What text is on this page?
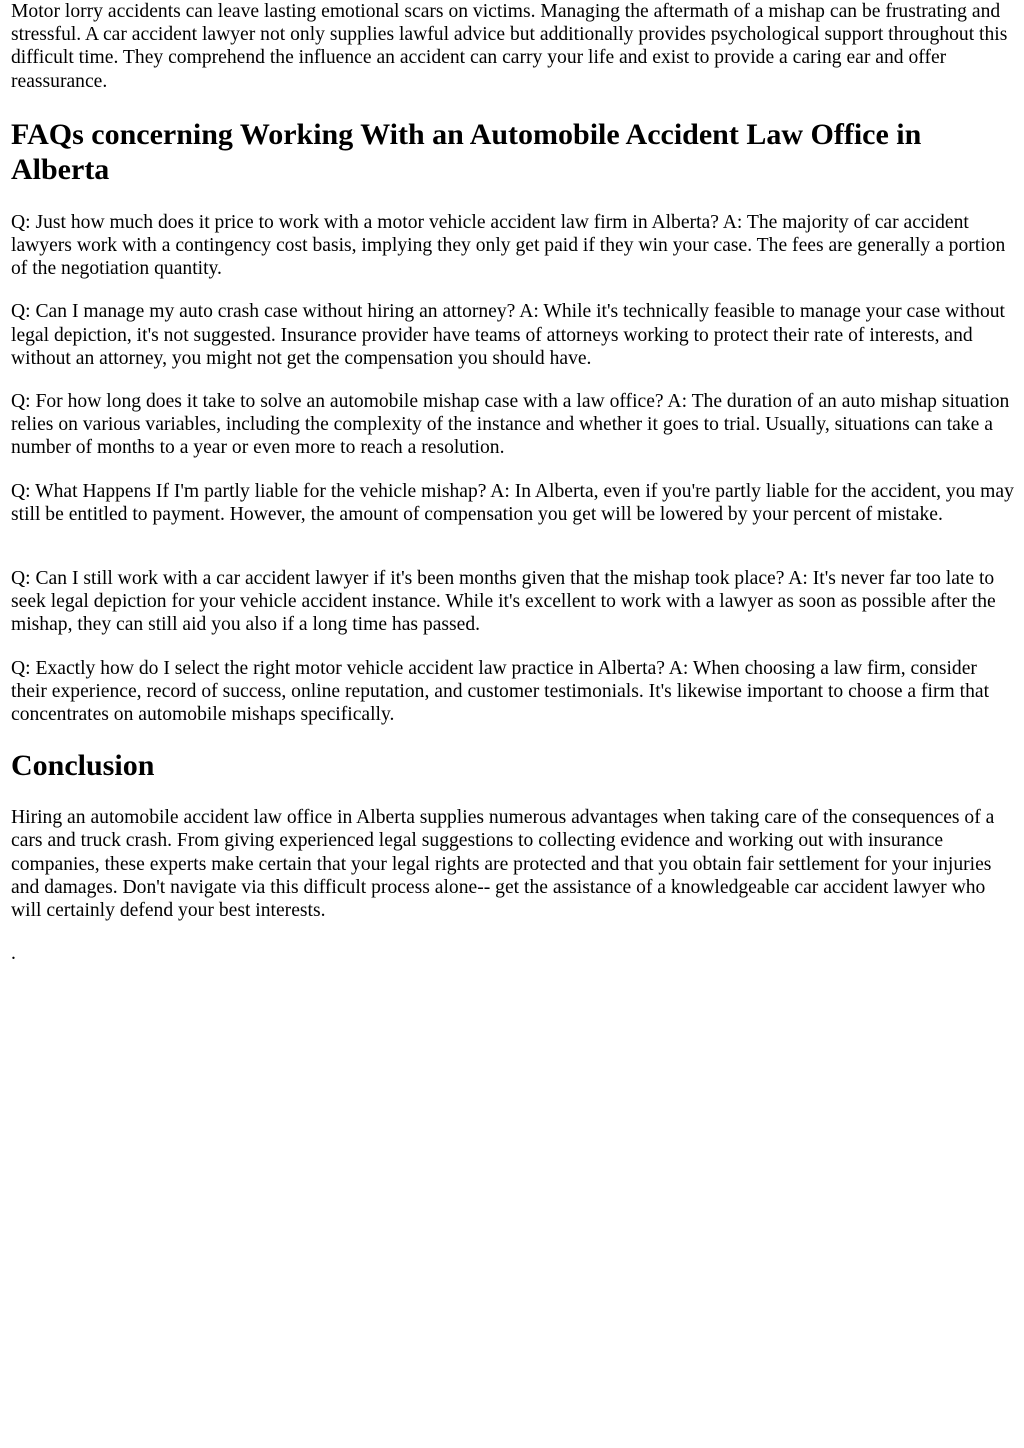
Motor lorry accidents can leave lasting emotional scars on victims. Managing the aftermath of a mishap can be frustrating and stressful. A car accident lawyer not only supplies lawful advice but additionally provides psychological support throughout this difficult time. They comprehend the influence an accident can carry your life and exist to provide a caring ear and offer reassurance.

FAQs concerning Working With an Automobile Accident Law Office in Alberta

Q: Just how much does it price to work with a motor vehicle accident law firm in Alberta? A: The majority of car accident lawyers work with a contingency cost basis, implying they only get paid if they win your case. The fees are generally a portion of the negotiation quantity.

Q: Can I manage my auto crash case without hiring an attorney? A: While it's technically feasible to manage your case without legal depiction, it's not suggested. Insurance provider have teams of attorneys working to protect their rate of interests, and without an attorney, you might not get the compensation you should have.

Q: For how long does it take to solve an automobile mishap case with a law office? A: The duration of an auto mishap situation relies on various variables, including the complexity of the instance and whether it goes to trial. Usually, situations can take a number of months to a year or even more to reach a resolution.

Q: What Happens If I'm partly liable for the vehicle mishap? A: In Alberta, even if you're partly liable for the accident, you may still be entitled to payment. However, the amount of compensation you get will be lowered by your percent of mistake.

Q: Can I still work with a car accident lawyer if it's been months given that the mishap took place? A: It's never far too late to seek legal depiction for your vehicle accident instance. While it's excellent to work with a lawyer as soon as possible after the mishap, they can still aid you also if a long time has passed.

Q: Exactly how do I select the right motor vehicle accident law practice in Alberta? A: When choosing a law firm, consider their experience, record of success, online reputation, and customer testimonials. It's likewise important to choose a firm that concentrates on automobile mishaps specifically.

Conclusion

Hiring an automobile accident law office in Alberta supplies numerous advantages when taking care of the consequences of a cars and truck crash. From giving experienced legal suggestions to collecting evidence and working out with insurance companies, these experts make certain that your legal rights are protected and that you obtain fair settlement for your injuries and damages. Don't navigate via this difficult process alone-- get the assistance of a knowledgeable car accident lawyer who will certainly defend your best interests.

.
